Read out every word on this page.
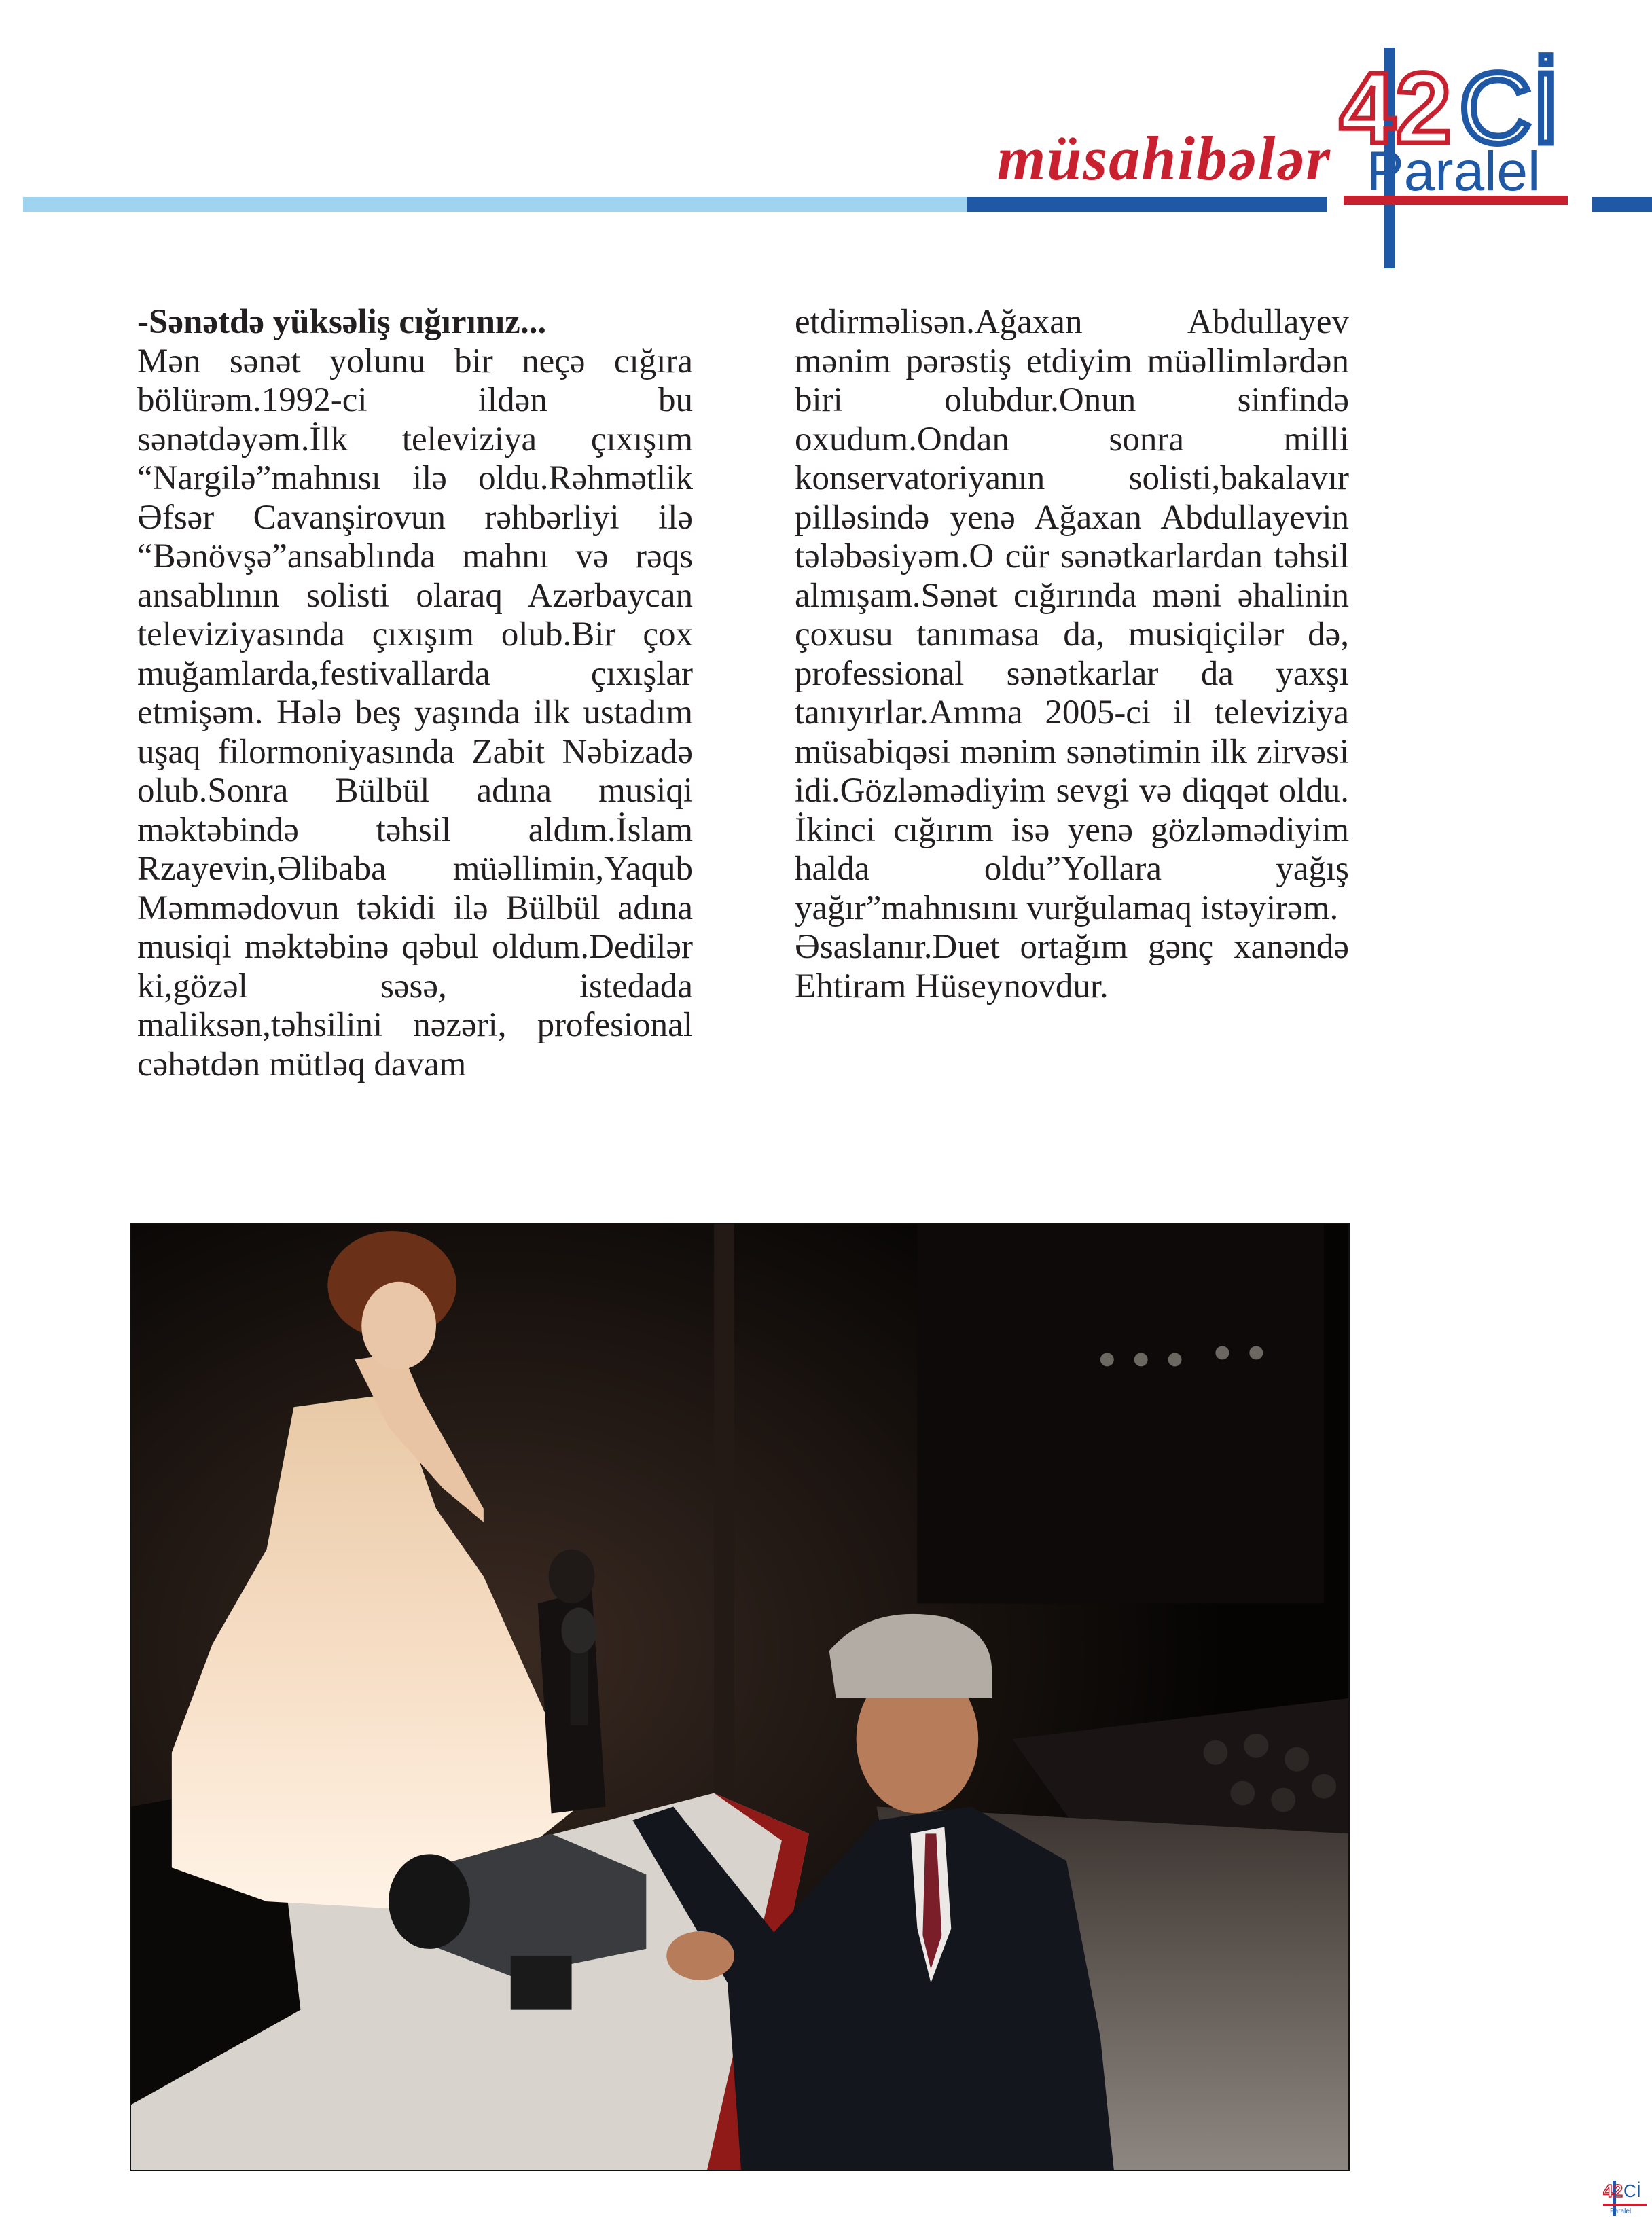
müsahibələr 42 Cİ
Paralel

-Sənətdə yüksəliş cığırınız...

Mən sənət yolunu bir neçə cığıra bölürəm.1992-ci ildən bu sənətdəyəm.İlk televiziya çıxışım “Nargilə”mahnısı ilə oldu.Rəhmətlik Əfsər Cavanşirovun rəhbərliyi ilə “Bənövşə”ansablında mahnı və rəqs ansablının solisti olaraq Azərbaycan televiziyasında çıxışım olub.Bir çox muğamlarda,festivallarda çıxışlar etmişəm. Hələ beş yaşında ilk ustadım uşaq filormoniyasında Zabit Nəbizadə olub.Sonra Bülbül adına musiqi məktəbində təhsil aldım.İslam Rzayevin,Əlibaba müəllimin,Yaqub Məmmədovun təkidi ilə Bülbül adına musiqi məktəbinə qəbul oldum.Dedilər ki,gözəl səsə, istedada maliksən,təhsilini nəzəri, profesional cəhətdən mütləq davam

etdirməlisən.Ağaxan Abdullayev mənim pərəstiş etdiyim müəllimlərdən biri olubdur.Onun sinfində oxudum.Ondan sonra milli konservatoriyanın solisti,bakalavır pilləsində yenə Ağaxan Abdullayevin tələbəsiyəm.O cür sənətkarlardan təhsil almışam.Sənət cığırında məni əhalinin çoxusu tanımasa da, musiqiçilər də, professional sənətkarlar da yaxşı tanıyırlar.Amma 2005-ci il televiziya müsabiqəsi mənim sənətimin ilk zirvəsi idi.Gözləmədiyim sevgi və diqqət oldu. İkinci cığırım isə yenə gözləmədiyim halda oldu”Yollara yağış yağır”mahnısını vurğulamaq istəyirəm.

Əsaslanır.Duet ortağım gənç xanəndə Ehtiram Hüseynovdur.

42 Cİ
Paralel
